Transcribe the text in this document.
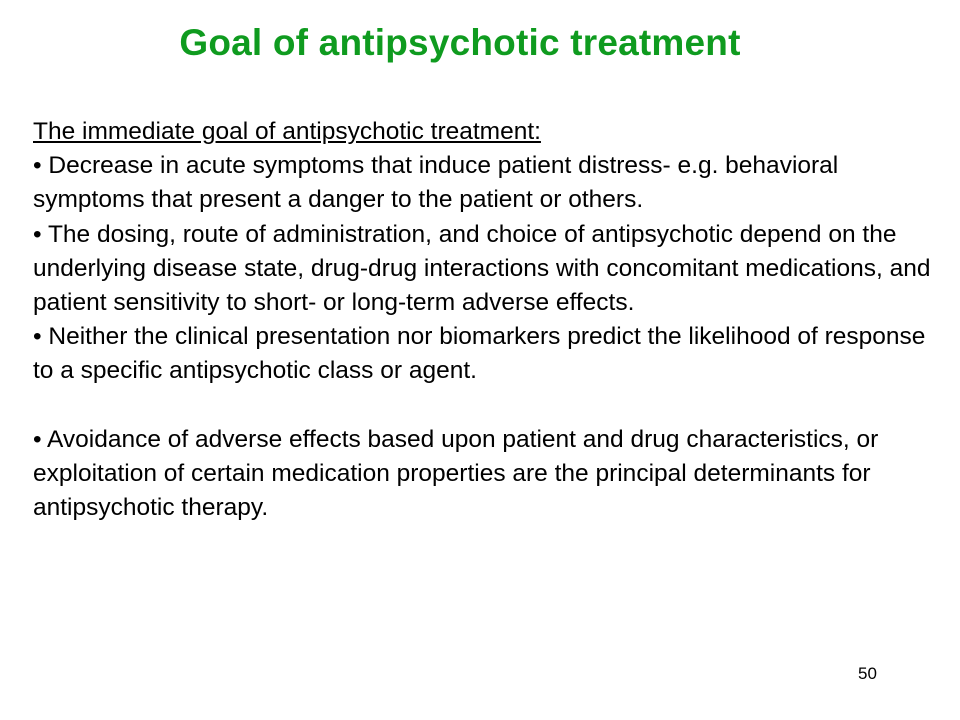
Goal of antipsychotic treatment

The immediate goal of antipsychotic treatment:

• Decrease in acute symptoms that induce patient distress- e.g. behavioral symptoms that present a danger to the patient or others.

• The dosing, route of administration, and choice of antipsychotic depend on the underlying disease state, drug-drug interactions with concomitant medications, and patient sensitivity to short- or long-term adverse effects.

• Neither the clinical presentation nor biomarkers predict the likelihood of response to a specific antipsychotic class or agent.

• Avoidance of adverse effects based upon patient and drug characteristics, or exploitation of certain medication properties are the principal determinants for antipsychotic therapy.

50
